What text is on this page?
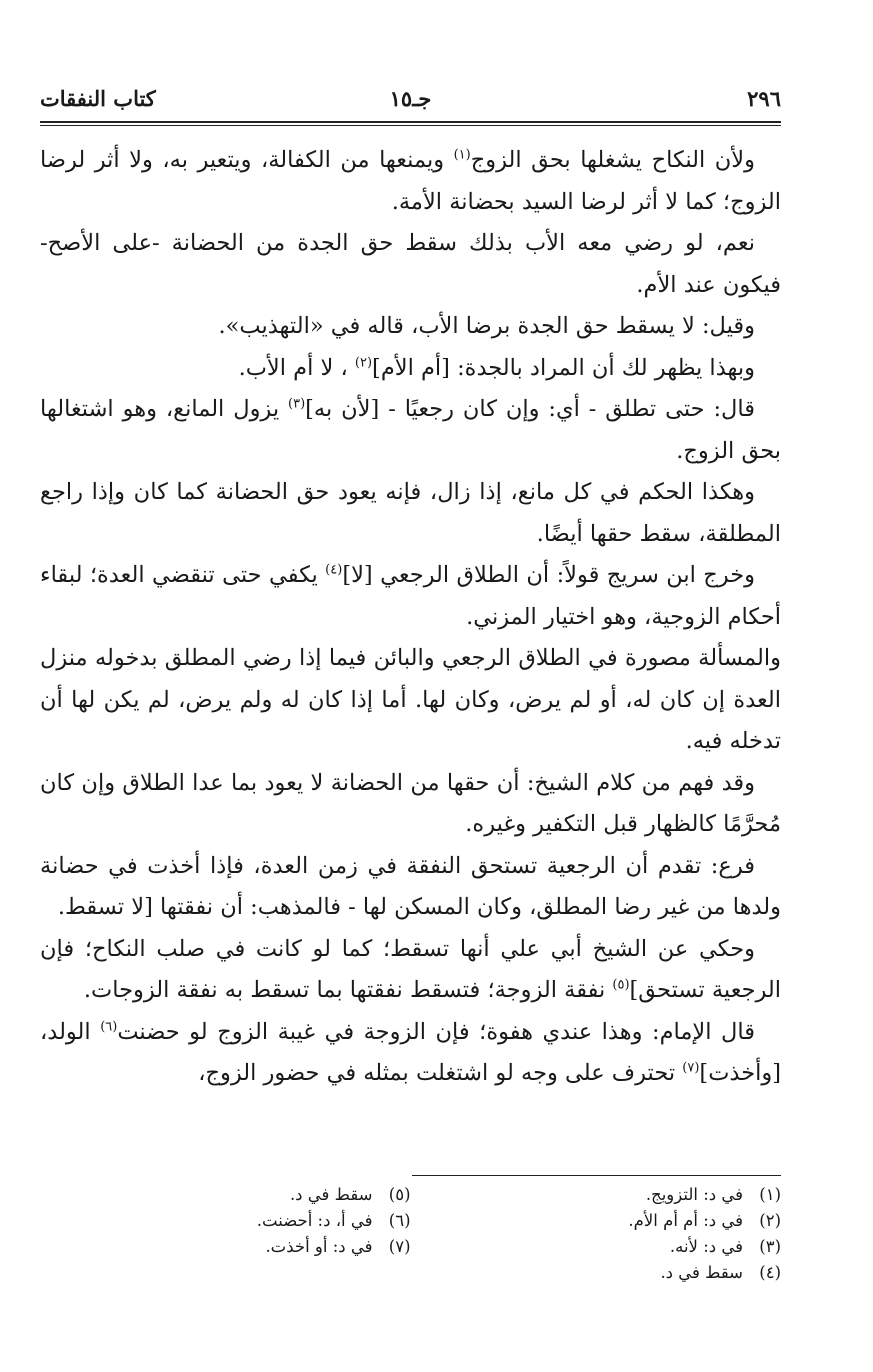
٢٩٦
جـ١٥
كتاب النفقات

ولأن النكاح يشغلها بحق الزوج$^{(١)}$ ويمنعها من الكفالة، ويتعير به، ولا أثر لرضا الزوج؛ كما لا أثر لرضا السيد بحضانة الأمة.

نعم، لو رضي معه الأب بذلك سقط حق الجدة من الحضانة -على الأصح- فيكون عند الأم.

وقيل: لا يسقط حق الجدة برضا الأب، قاله في «التهذيب».

وبهذا يظهر لك أن المراد بالجدة: [أم الأم]$^{(٢)}$ ، لا أم الأب.

قال: حتى تطلق - أي: وإن كان رجعيًا - [لأن به]$^{(٣)}$ يزول المانع، وهو اشتغالها بحق الزوج.

وهكذا الحكم في كل مانع، إذا زال، فإنه يعود حق الحضانة كما كان وإذا راجع المطلقة، سقط حقها أيضًا.

وخرج ابن سريج قولاً: أن الطلاق الرجعي [لا]$^{(٤)}$ يكفي حتى تنقضي العدة؛ لبقاء أحكام الزوجية، وهو اختيار المزني.

والمسألة مصورة في الطلاق الرجعي والبائن فيما إذا رضي المطلق بدخوله منزل العدة إن كان له، أو لم يرض، وكان لها. أما إذا كان له ولم يرض، لم يكن لها أن تدخله فيه.

وقد فهم من كلام الشيخ: أن حقها من الحضانة لا يعود بما عدا الطلاق وإن كان مُحرَّمًا كالظهار قبل التكفير وغيره.

فرع: تقدم أن الرجعية تستحق النفقة في زمن العدة، فإذا أخذت في حضانة ولدها من غير رضا المطلق، وكان المسكن لها - فالمذهب: أن نفقتها [لا تسقط.

وحكي عن الشيخ أبي علي أنها تسقط؛ كما لو كانت في صلب النكاح؛ فإن الرجعية تستحق]$^{(٥)}$ نفقة الزوجة؛ فتسقط نفقتها بما تسقط به نفقة الزوجات.

قال الإمام: وهذا عندي هفوة؛ فإن الزوجة في غيبة الزوج لو حضنت$^{(٦)}$ الولد، [وأخذت]$^{(٧)}$ تحترف على وجه لو اشتغلت بمثله في حضور الزوج،

(١)في د: التزويج.
(٢)في د: أم أم الأم.
(٣)في د: لأنه.
(٤)سقط في د.
(٥)سقط في د.
(٦)في أ، د: أحضنت.
(٧)في د: أو أخذت.
